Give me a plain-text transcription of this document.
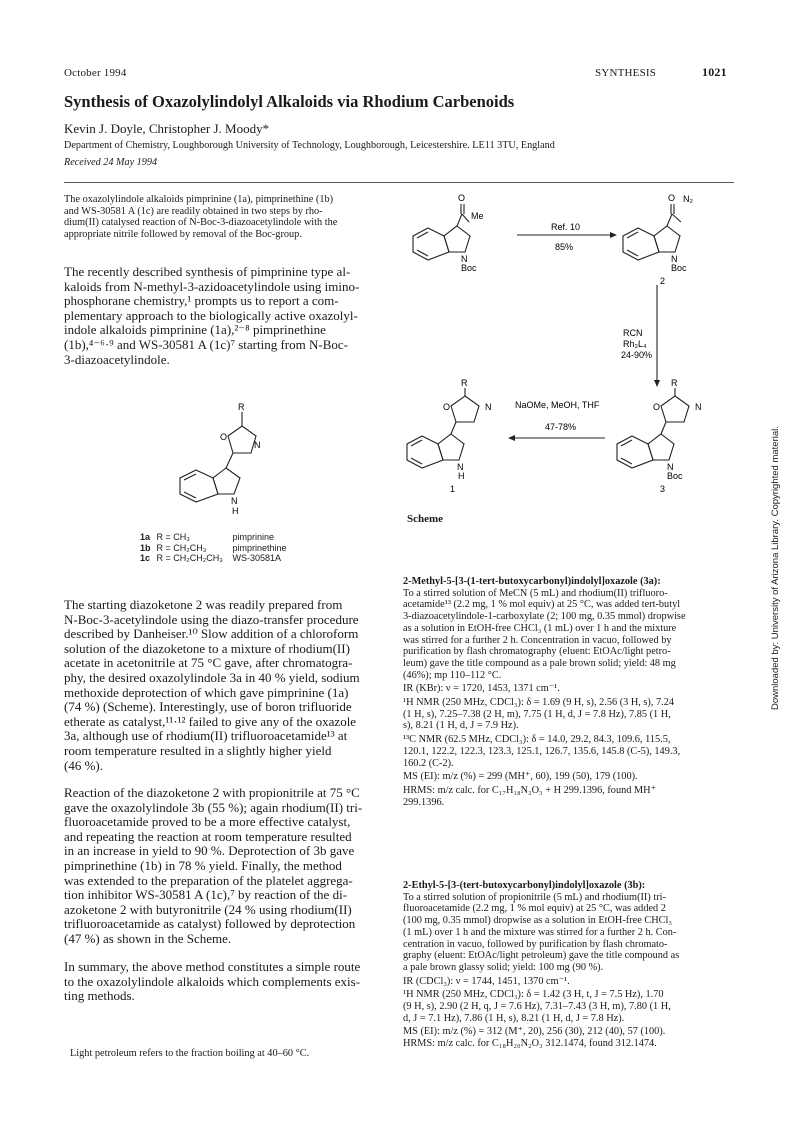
October 1994	SYNTHESIS	1021
Synthesis of Oxazolylindolyl Alkaloids via Rhodium Carbenoids
Kevin J. Doyle, Christopher J. Moody*
Department of Chemistry, Loughborough University of Technology, Loughborough, Leicestershire. LE11 3TU, England
Received 24 May 1994

The oxazolylindole alkaloids pimprinine (1a), pimprinethine (1b)

and WS-30581 A (1c) are readily obtained in two steps by rho-

dium(II) catalysed reaction of N-Boc-3-diazoacetylindole with the

appropriate nitrile followed by removal of the Boc-group.

The recently described synthesis of pimprinine type al-

kaloids from N-methyl-3-azidoacetylindole using imino-

phosphorane chemistry,¹ prompts us to report a com-

plementary approach to the biologically active oxazolyl-

indole alkaloids pimprinine (1a),²⁻⁸ pimprinethine

(1b),⁴⁻⁶·⁹ and WS-30581 A (1c)⁷ starting from N-Boc-

3-diazoacetylindole.

R
O
N
N
H
1a	R = CH₃	pimprinine
1b	R = CH₂CH₃	pimprinethine
1c	R = CH₂CH₂CH₃	WS-30581A

The starting diazoketone 2 was readily prepared from

N-Boc-3-acetylindole using the diazo-transfer procedure

described by Danheiser.¹⁰ Slow addition of a chloroform

solution of the diazoketone to a mixture of rhodium(II)

acetate in acetonitrile at 75 °C gave, after chromatogra-

phy, the desired oxazolylindole 3a in 40 % yield, sodium

methoxide deprotection of which gave pimprinine (1a)

(74 %) (Scheme). Interestingly, use of boron trifluoride

etherate as catalyst,¹¹·¹² failed to give any of the oxazole

3a, although use of rhodium(II) trifluoroacetamide¹³ at

room temperature resulted in a slightly higher yield

(46 %).

Reaction of the diazoketone 2 with propionitrile at 75 °C

gave the oxazolylindole 3b (55 %); again rhodium(II) tri-

fluoroacetamide proved to be a more effective catalyst,

and repeating the reaction at room temperature resulted

in an increase in yield to 90 %. Deprotection of 3b gave

pimprinethine (1b) in 78 % yield. Finally, the method

was extended to the preparation of the platelet aggrega-

tion inhibitor WS-30581 A (1c),⁷ by reaction of the di-

azoketone 2 with butyronitrile (24 % using rhodium(II)

trifluoroacetamide as catalyst) followed by deprotection

(47 %) as shown in the Scheme.

In summary, the above method constitutes a simple route

to the oxazolylindole alkaloids which complements exis-

ting methods.

Light petroleum refers to the fraction boiling at 40–60 °C.
O
Me
N
Boc
O N₂
N
Boc
2
Ref. 10
85%
RCN
Rh₂L₄
24-90%
R
O	N
N
H
1
R
O	N
N
Boc
3
NaOMe, MeOH, THF
47-78%
Scheme

2-Methyl-5-[3-(1-tert-butoxycarbonyl)indolyl]oxazole (3a):

To a stirred solution of MeCN (5 mL) and rhodium(II) trifluoro-

acetamide¹³ (2.2 mg, 1 % mol equiv) at 25 °C, was added tert-butyl

3-diazoacetylindole-1-carboxylate (2; 100 mg, 0.35 mmol) dropwise

as a solution in EtOH-free CHCl₃ (1 mL) over 1 h and the mixture

was stirred for a further 2 h. Concentration in vacuo, followed by

purification by flash chromatography (eluent: EtOAc/light petro-

leum) gave the title compound as a pale brown solid; yield: 48 mg

(46%); mp 110–112 °C.

IR (KBr): ν = 1720, 1453, 1371 cm⁻¹.

¹H NMR (250 MHz, CDCl₃): δ = 1.69 (9 H, s), 2.56 (3 H, s), 7.24

(1 H, s), 7.25–7.38 (2 H, m), 7.75 (1 H, d, J = 7.8 Hz), 7.85 (1 H,

s), 8.21 (1 H, d, J = 7.9 Hz).

¹³C NMR (62.5 MHz, CDCl₃): δ = 14.0, 29.2, 84.3, 109.6, 115.5,

120.1, 122.2, 122.3, 123.3, 125.1, 126.7, 135.6, 145.8 (C-5), 149.3,

160.2 (C-2).

MS (EI): m/z (%) = 299 (MH⁺, 60), 199 (50), 179 (100).

HRMS: m/z calc. for C₁₇H₁₈N₂O₃ + H 299.1396, found MH⁺

299.1396.

2-Ethyl-5-[3-(tert-butoxycarbonyl)indolyl]oxazole (3b):

To a stirred solution of propionitrile (5 mL) and rhodium(II) tri-

fluoroacetamide (2.2 mg, 1 % mol equiv) at 25 °C, was added 2

(100 mg, 0.35 mmol) dropwise as a solution in EtOH-free CHCl₃

(1 mL) over 1 h and the mixture was stirred for a further 2 h. Con-

centration in vacuo, followed by purification by flash chromato-

graphy (eluent: EtOAc/light petroleum) gave the title compound as

a pale brown glassy solid; yield: 100 mg (90 %).

IR (CDCl₃): ν = 1744, 1451, 1370 cm⁻¹.

¹H NMR (250 MHz, CDCl₃): δ = 1.42 (3 H, t, J = 7.5 Hz), 1.70

(9 H, s), 2.90 (2 H, q, J = 7.6 Hz), 7.31–7.43 (3 H, m), 7.80 (1 H,

d, J = 7.1 Hz), 7.86 (1 H, s), 8.21 (1 H, d, J = 7.8 Hz).

MS (EI): m/z (%) = 312 (M⁺, 20), 256 (30), 212 (40), 57 (100).

HRMS: m/z calc. for C₁₈H₂₀N₂O₃ 312.1474, found 312.1474.

Downloaded by: University of Arizona Library. Copyrighted material.
